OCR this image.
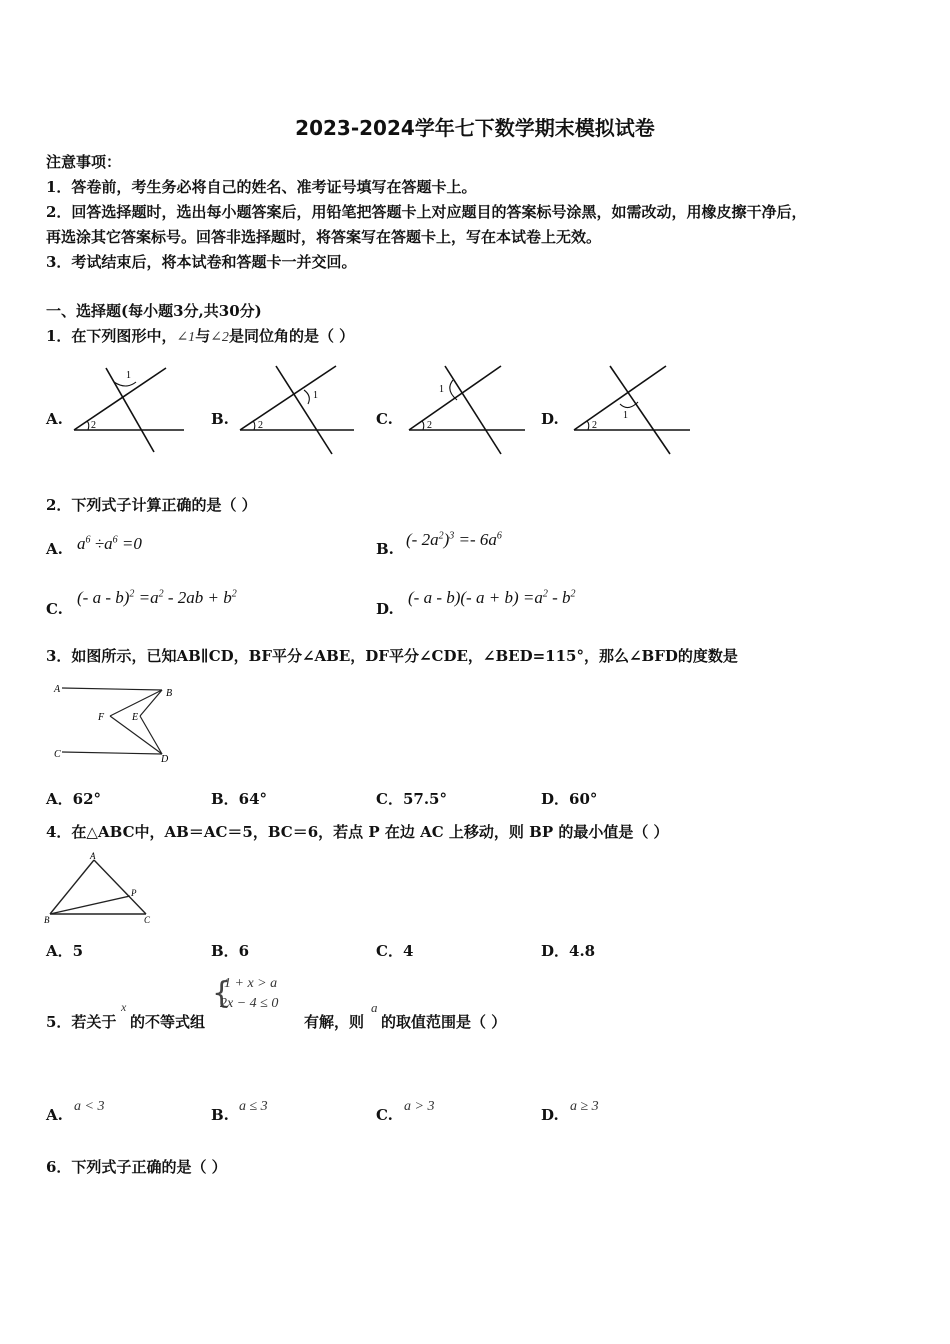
2023-2024学年七下数学期末模拟试卷
注意事项：
1．答卷前，考生务必将自己的姓名、准考证号填写在答题卡上。
2．回答选择题时，选出每小题答案后，用铅笔把答题卡上对应题目的答案标号涂黑，如需改动，用橡皮擦干净后，
再选涂其它答案标号。回答非选择题时，将答案写在答题卡上，写在本试卷上无效。
3．考试结束后，将本试卷和答题卡一并交回。
一、选择题(每小题3分,共30分)
1．在下列图形中，∠1与∠2是同位角的是（ ）
A.	B.	C.	D.
1
2
1
2
1
2
1
2
2．下列式子计算正确的是（ ）
A. $a^6 \div a^6 =0$	B. (- $2a^2)^3 =- 6a^6$
C.
(- $a - b)^2 =a^2 - 2ab + b^2$
D.
(- a - b)(- $a + b) =a^2 - b^2$
3．如图所示，已知AB∥CD，BF平分∠ABE，DF平分∠CDE，∠BED=115°，那么∠BFD的度数是
A	B
C	D
E
F
A．62°	B．64°	C．57.5°	D．60°
4．在△ABC中，AB＝AC＝5，BC＝6，若点 P 在边 AC 上移动，则 BP 的最小值是（ ）
A
B	C
P
A．5	B．6	C．4	D．4.8
5．若关于
x
的不等式组
{
1 + x > a
2x − 4 ≤ 0
有解，则
a
的取值范围是（ ）
A. a < 3	B. a ≤ 3	C. a > 3	D. a ≥ 3
6．下列式子正确的是（ ）
